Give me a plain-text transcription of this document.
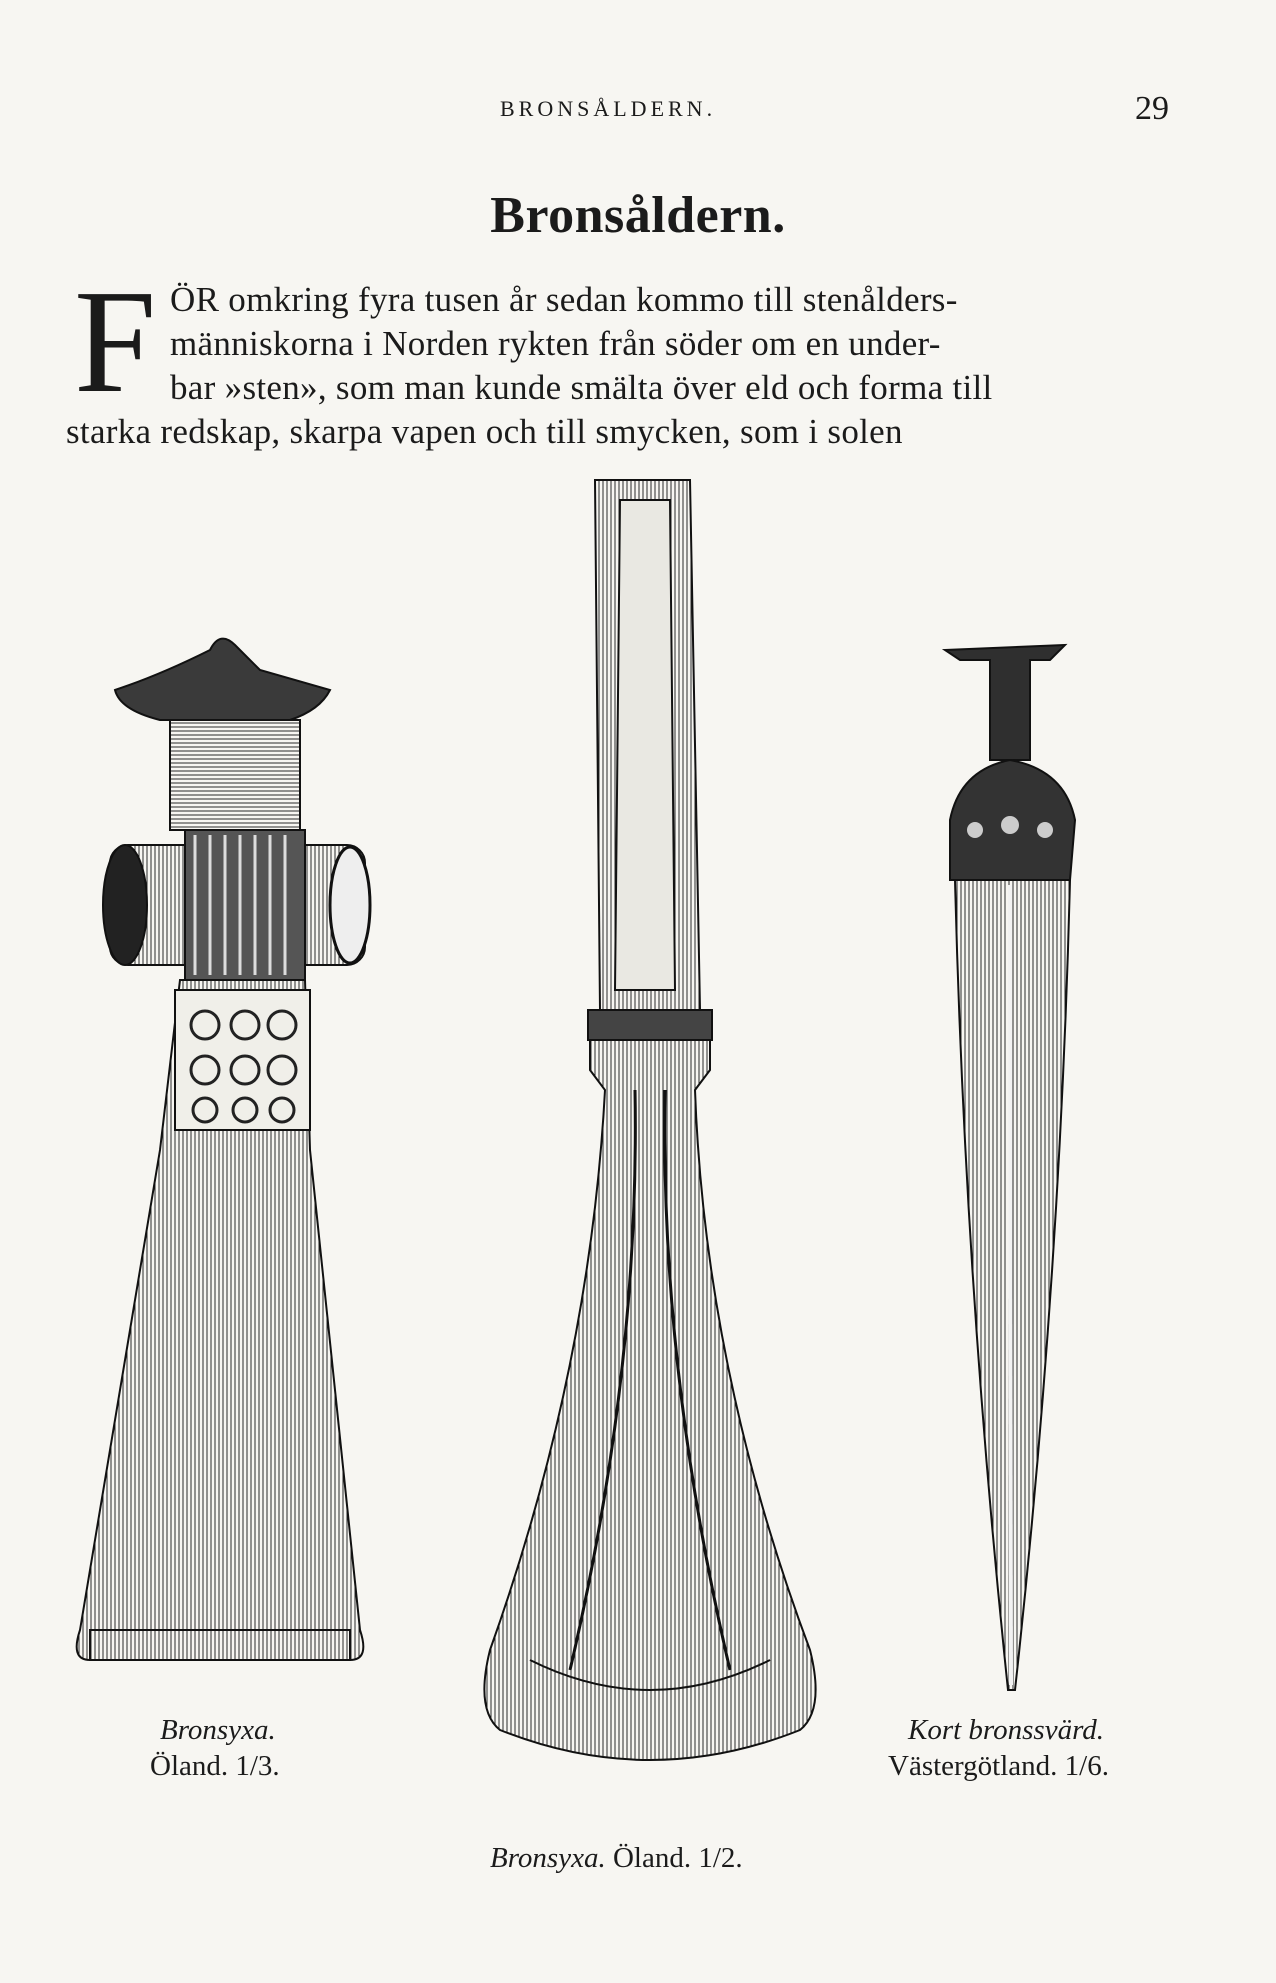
BRONSÅLDERN.	29
Bronsåldern.
F ÖR omkring fyra tusen år sedan kommo till stenålders-
människorna i Norden rykten från söder om en under-
bar »sten», som man kunde smälta över eld och forma till
starka redskap, skarpa vapen och till smycken, som i solen
Bronsyxa.
Öland. 1/3.
Kort bronssvärd.
Västergötland. 1/6.
Bronsyxa. Öland. 1/2.
